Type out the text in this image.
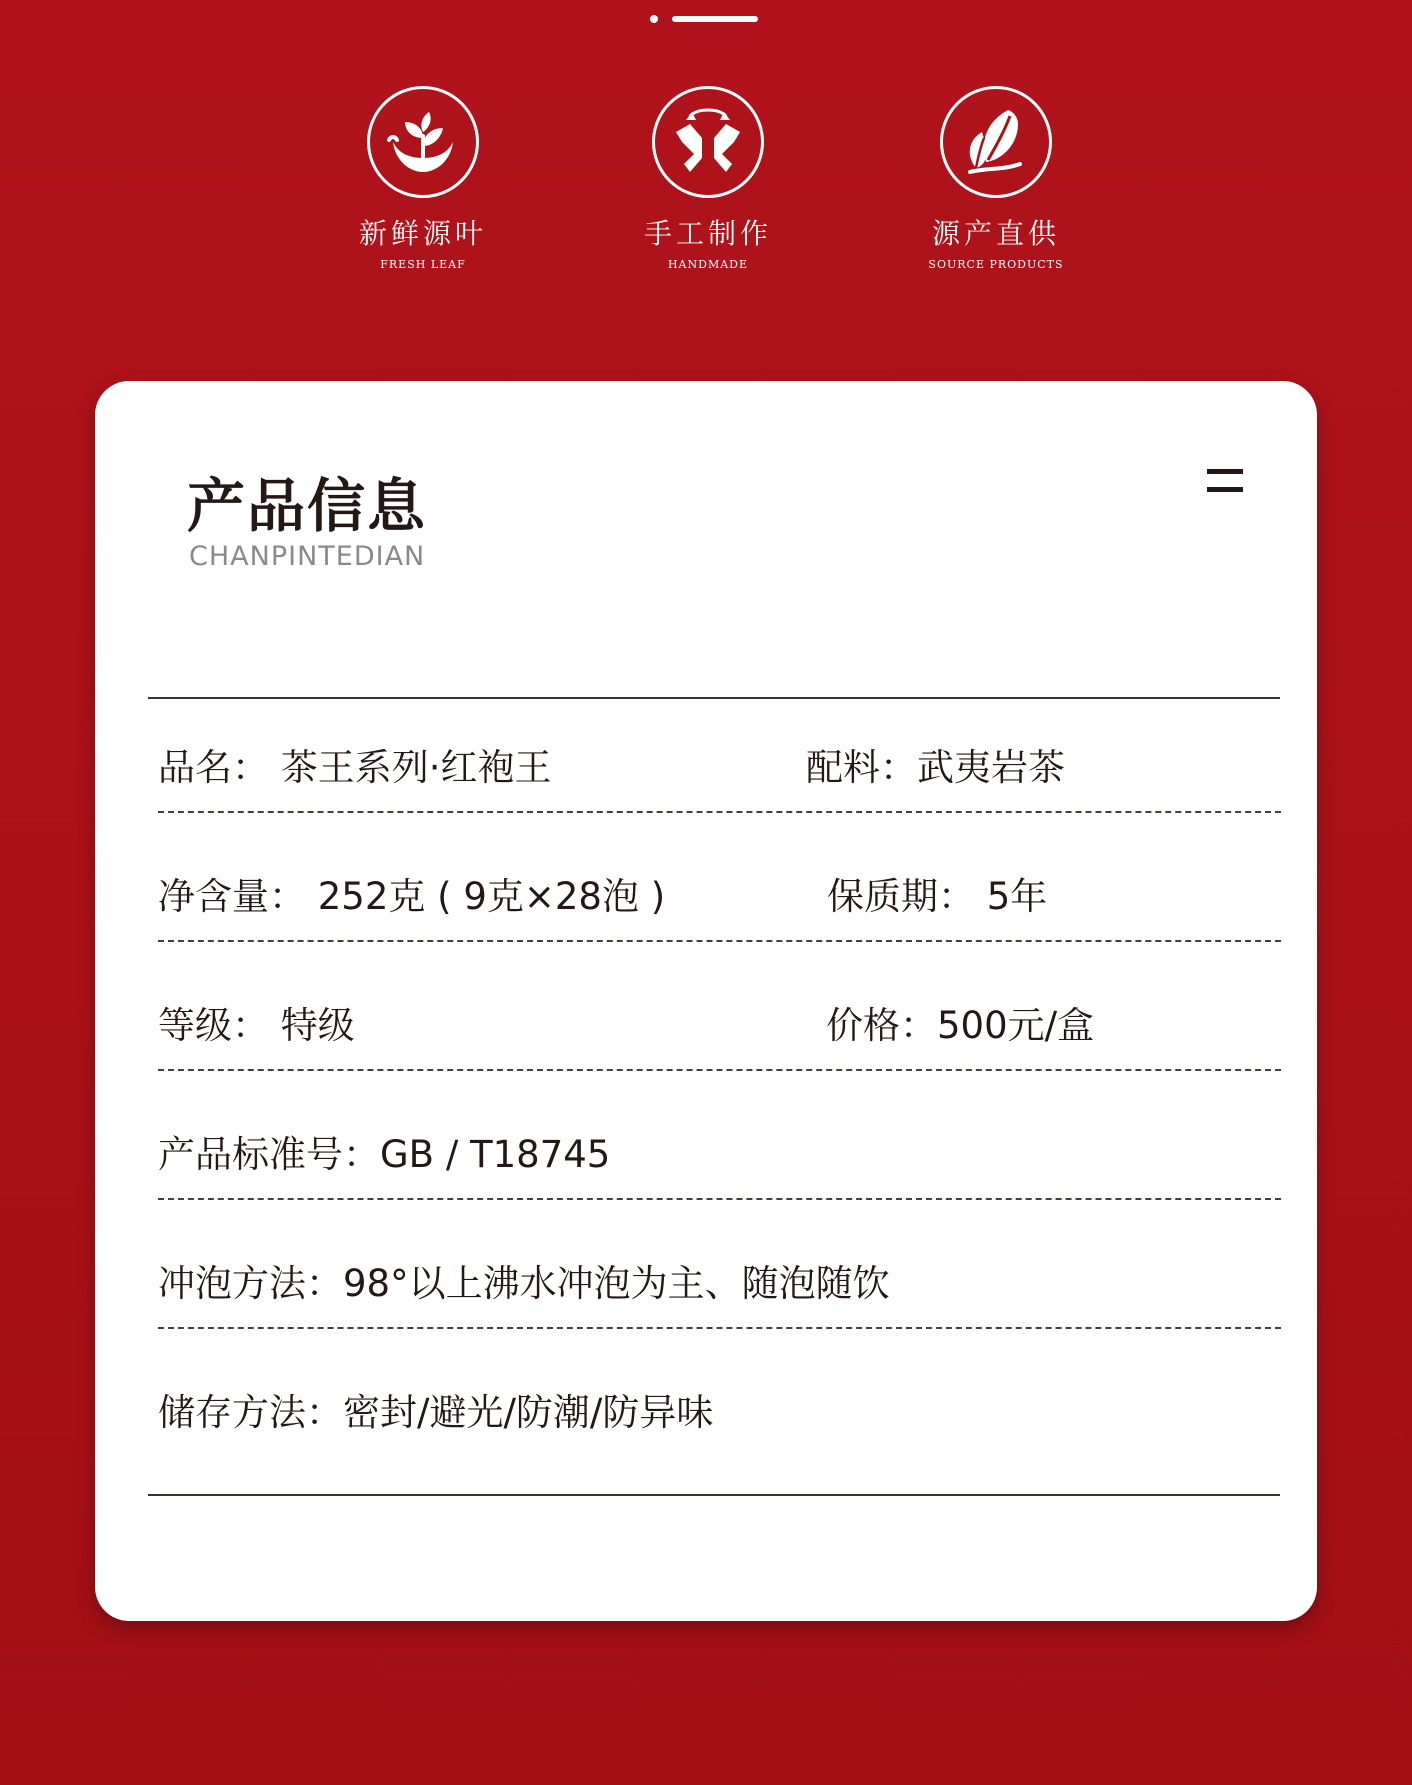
新鲜源叶
FRESH LEAF
手工制作
HANDMADE
源产直供
SOURCE PRODUCTS
产品信息
CHANPINTEDIAN
品名： 茶王系列·红袍王	配料：武夷岩茶
净含量： 252克 ( 9克×28泡 )	保质期： 5年
等级： 特级	价格：500元/盒
产品标准号：GB / T18745
冲泡方法：98°以上沸水冲泡为主、随泡随饮
储存方法：密封/避光/防潮/防异味
